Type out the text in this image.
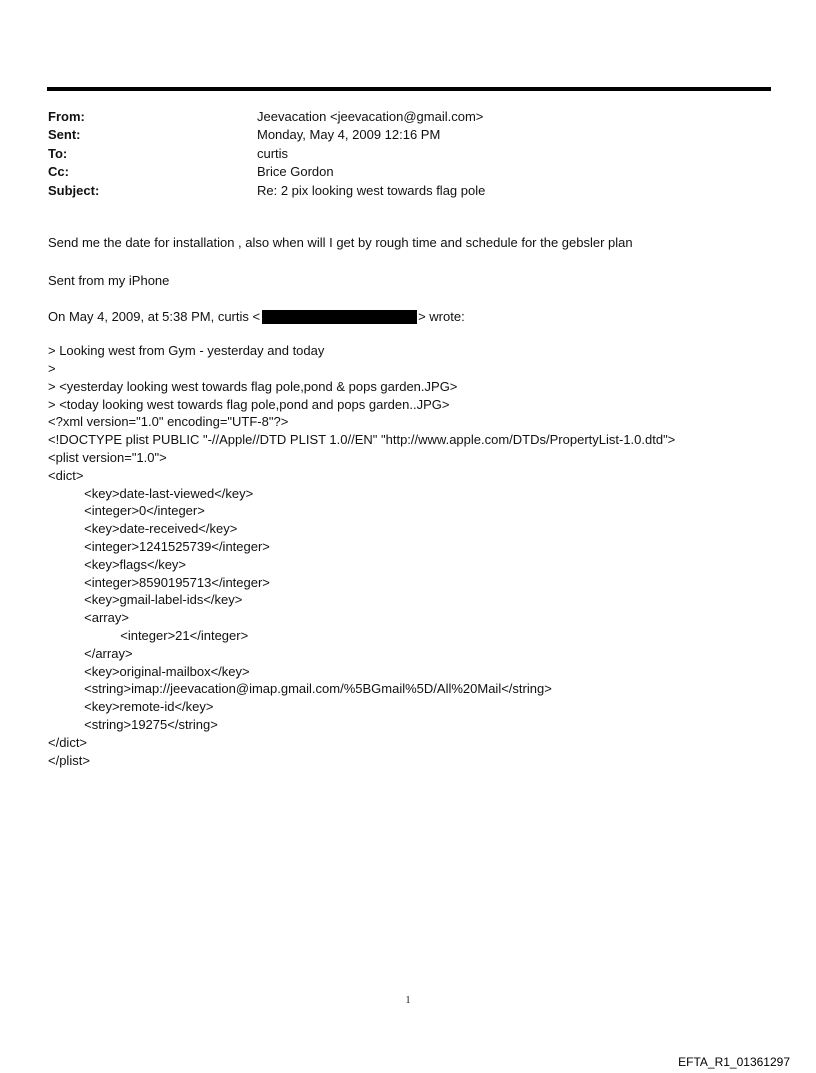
From:	Jeevacation <jeevacation@gmail.com>
Sent:	Monday, May 4, 2009 12:16 PM
To:	curtis
Cc:	Brice Gordon
Subject:	Re: 2 pix looking west towards flag pole

Send me the date for installation , also when will I get by rough time and schedule for the gebsler plan

Sent from my iPhone

On May 4, 2009, at 5:38 PM, curtis <	> wrote:
> Looking west from Gym - yesterday and today
>
> <yesterday looking west towards flag pole,pond & pops garden.JPG>
> <today looking west towards flag pole,pond and pops garden..JPG>
<?xml version="1.0" encoding="UTF-8"?>
<!DOCTYPE plist PUBLIC "-//Apple//DTD PLIST 1.0//EN" "http://www.apple.com/DTDs/PropertyList-1.0.dtd">
<plist version="1.0">
<dict>
<key>date-last-viewed</key>
<integer>0</integer>
<key>date-received</key>
<integer>1241525739</integer>
<key>flags</key>
<integer>8590195713</integer>
<key>gmail-label-ids</key>
<array>
<integer>21</integer>
</array>
<key>original-mailbox</key>
<string>imap://jeevacation@imap.gmail.com/%5BGmail%5D/All%20Mail</string>
<key>remote-id</key>
<string>19275</string>
</dict>
</plist>
1
EFTA_R1_01361297
